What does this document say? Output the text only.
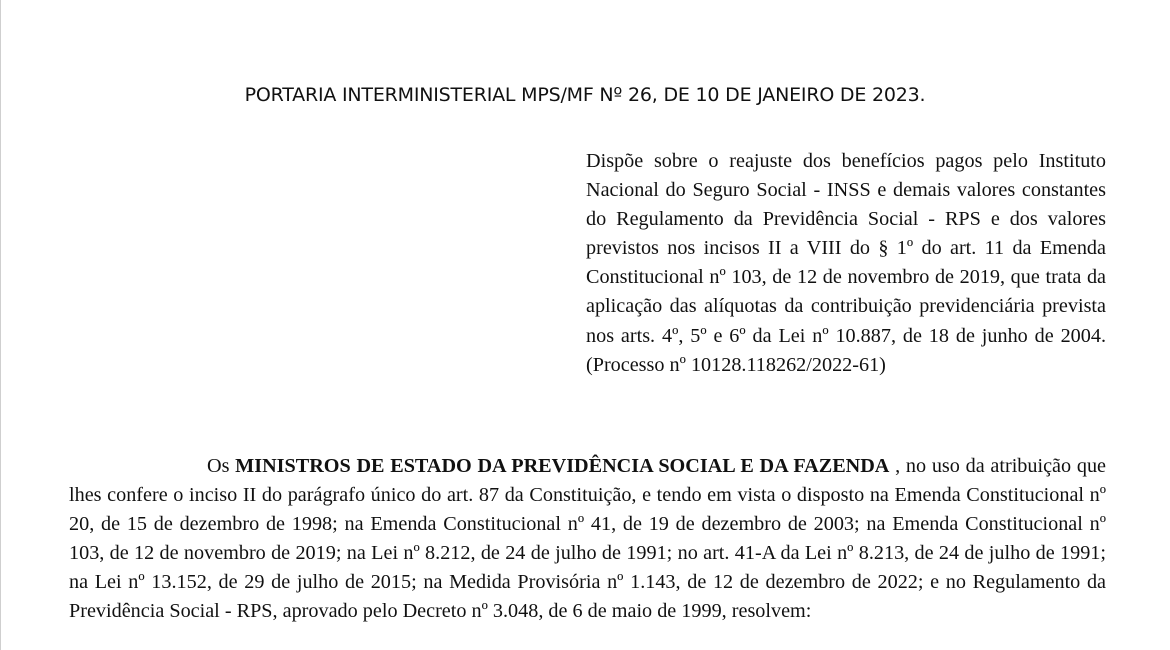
PORTARIA INTERMINISTERIAL MPS/MF Nº 26, DE 10 DE JANEIRO DE 2023.
Dispõe sobre o reajuste dos benefícios pagos pelo Instituto Nacional do Seguro Social - INSS e demais valores constantes do Regulamento da Previdência Social - RPS e dos valores previstos nos incisos II a VIII do § 1º do art. 11 da Emenda Constitucional nº 103, de 12 de novembro de 2019, que trata da aplicação das alíquotas da contribuição previdenciária prevista nos arts. 4º, 5º e 6º da Lei nº 10.887, de 18 de junho de 2004. (Processo nº 10128.118262/2022-61)
Os MINISTROS DE ESTADO DA PREVIDÊNCIA SOCIAL E DA FAZENDA , no uso da atribuição que lhes confere o inciso II do parágrafo único do art. 87 da Constituição, e tendo em vista o disposto na Emenda Constitucional nº 20, de 15 de dezembro de 1998; na Emenda Constitucional nº 41, de 19 de dezembro de 2003; na Emenda Constitucional nº 103, de 12 de novembro de 2019; na Lei nº 8.212, de 24 de julho de 1991; no art. 41-A da Lei nº 8.213, de 24 de julho de 1991; na Lei nº 13.152, de 29 de julho de 2015; na Medida Provisória nº 1.143, de 12 de dezembro de 2022; e no Regulamento da Previdência Social - RPS, aprovado pelo Decreto nº 3.048, de 6 de maio de 1999, resolvem:
